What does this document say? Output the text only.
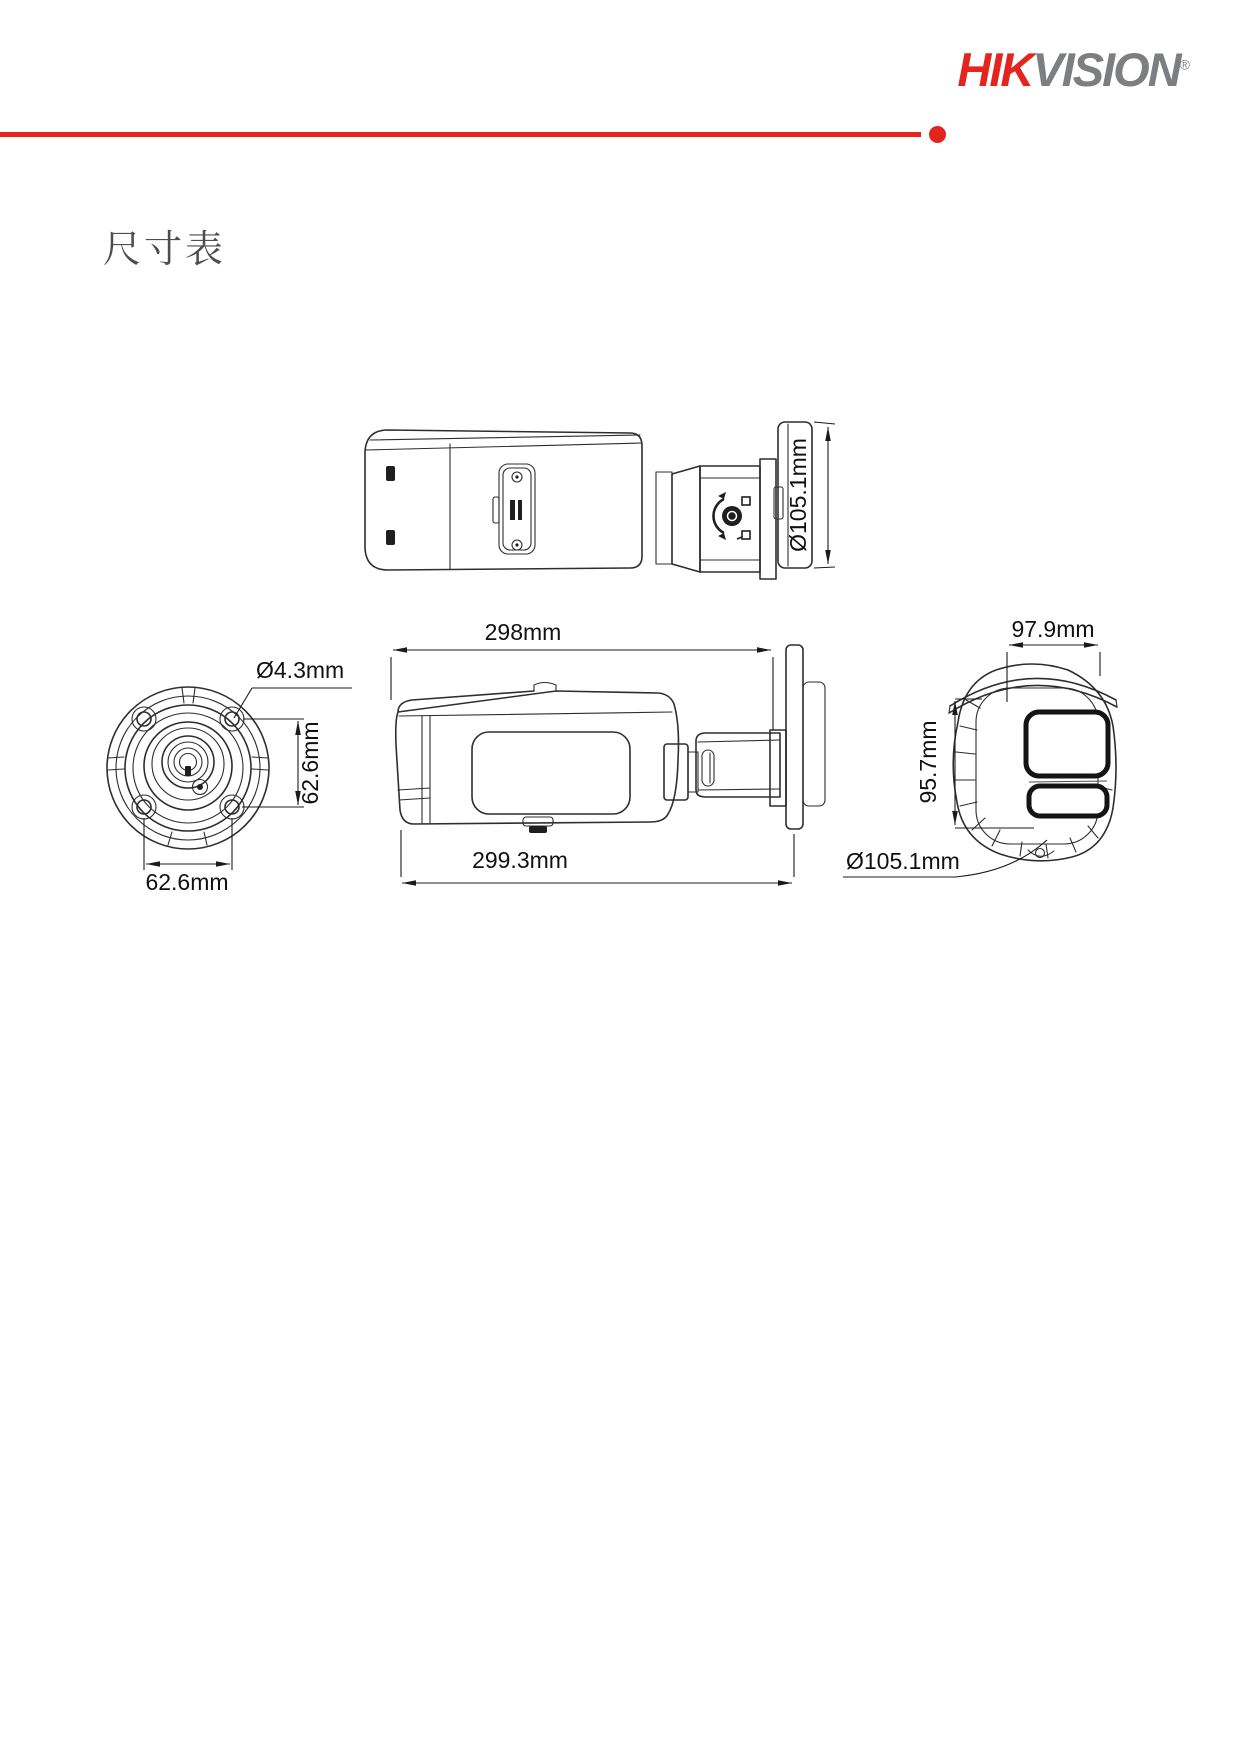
HIKVISION®
尺寸表
Ø105.1mm
Ø4.3mm
62.6mm
62.6mm
298mm
299.3mm
97.9mm
95.7mm
Ø105.1mm
